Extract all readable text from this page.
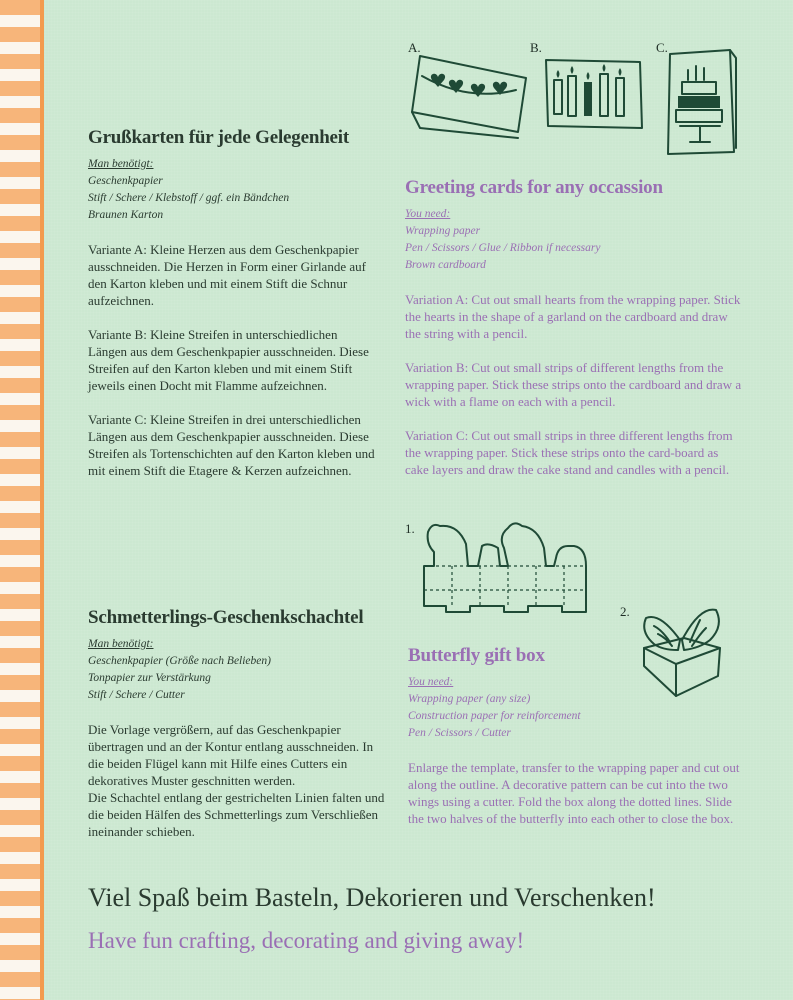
A.	B.	C.
Grußkarten für jede Gelegenheit
Man benötigt:
Geschenkpapier
Stift / Schere / Klebstoff / ggf. ein Bändchen
Braunen Karton

Variante A: Kleine Herzen aus dem Geschenkpapier ausschneiden. Die Herzen in Form einer Girlande auf den Karton kleben und mit einem Stift die Schnur aufzeichnen.

Variante B: Kleine Streifen in unterschiedlichen Längen aus dem Geschenkpapier ausschneiden. Diese Streifen auf den Karton kleben und mit einem Stift jeweils einen Docht mit Flamme aufzeichnen.

Variante C: Kleine Streifen in drei unterschiedlichen Längen aus dem Geschenkpapier ausschneiden. Diese Streifen als Tortenschichten auf den Karton kleben und mit einem Stift die Etagere & Kerzen aufzeichnen.

Greeting cards for any occassion
You need:
Wrapping paper
Pen / Scissors / Glue / Ribbon if necessary
Brown cardboard

Variation A: Cut out small hearts from the wrapping paper. Stick the hearts in the shape of a garland on the cardboard and draw the string with a pencil.

Variation B: Cut out small strips of different lengths from the wrapping paper. Stick these strips onto the cardboard and draw a wick with a flame on each with a pencil.

Variation C: Cut out small strips in three different lengths from the wrapping paper. Stick these strips onto the card-board as cake layers and draw the cake stand and candles with a pencil.

1.
2.
Schmetterlings-Geschenkschachtel
Man benötigt:
Geschenkpapier (Größe nach Belieben)
Tonpapier zur Verstärkung
Stift / Schere / Cutter

Die Vorlage vergrößern, auf das Geschenkpapier übertragen und an der Kontur entlang ausschneiden. In die beiden Flügel kann mit Hilfe eines Cutters ein dekoratives Muster geschnitten werden.

Die Schachtel entlang der gestrichelten Linien falten und die beiden Hälfen des Schmetterlings zum Verschließen ineinander schieben.

Butterfly gift box
You need:
Wrapping paper (any size)
Construction paper for reinforcement
Pen / Scissors / Cutter

Enlarge the template, transfer to the wrapping paper and cut out along the outline. A decorative pattern can be cut into the two wings using a cutter. Fold the box along the dotted lines. Slide the two halves of the butterfly into each other to close the box.

Viel Spaß beim Basteln, Dekorieren und Verschenken!
Have fun crafting, decorating and giving away!
